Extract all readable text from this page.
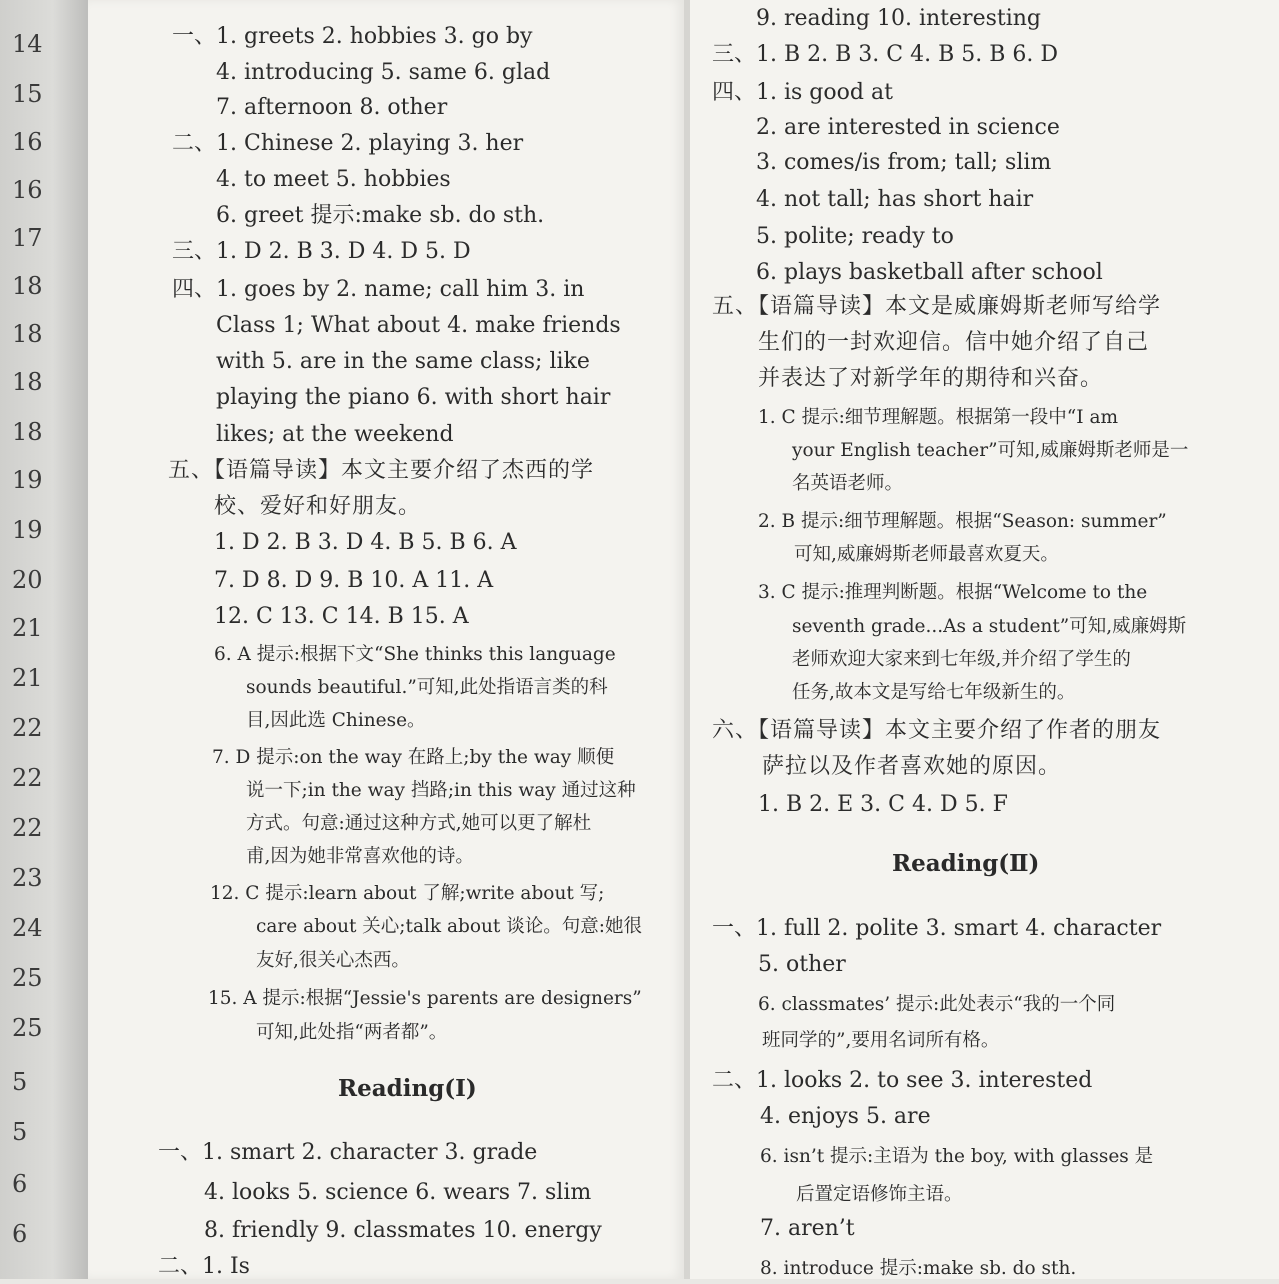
14
15
16
16
17
18
18
18
18
19
19
20
21
21
22
22
22
23
24
25
25
5
5
6
6
一、1. greets 2. hobbies 3. go by
4. introducing 5. same 6. glad
7. afternoon 8. other
二、1. Chinese 2. playing 3. her
4. to meet 5. hobbies
6. greet 提示:make sb. do sth.
三、1. D 2. B 3. D 4. D 5. D
四、1. goes by 2. name; call him 3. in
Class 1; What about 4. make friends
with 5. are in the same class; like
playing the piano 6. with short hair
likes; at the weekend
五、【语篇导读】本文主要介绍了杰西的学
校、爱好和好朋友。
1. D 2. B 3. D 4. B 5. B 6. A
7. D 8. D 9. B 10. A 11. A
12. C 13. C 14. B 15. A
6. A 提示:根据下文“She thinks this language
sounds beautiful.”可知,此处指语言类的科
目,因此选 Chinese。
7. D 提示:on the way 在路上;by the way 顺便
说一下;in the way 挡路;in this way 通过这种
方式。句意:通过这种方式,她可以更了解杜
甫,因为她非常喜欢他的诗。
12. C 提示:learn about 了解;write about 写;
care about 关心;talk about 谈论。句意:她很
友好,很关心杰西。
15. A 提示:根据“Jessie's parents are designers”
可知,此处指“两者都”。
一、1. smart 2. character 3. grade
4. looks 5. science 6. wears 7. slim
8. friendly 9. classmates 10. energy
二、1. Is
Reading(Ⅰ)
9. reading 10. interesting
三、1. B 2. B 3. C 4. B 5. B 6. D
四、1. is good at
2. are interested in science
3. comes/is from; tall; slim
4. not tall; has short hair
5. polite; ready to
6. plays basketball after school
五、【语篇导读】本文是威廉姆斯老师写给学
生们的一封欢迎信。信中她介绍了自己
并表达了对新学年的期待和兴奋。
1. C 提示:细节理解题。根据第一段中“I am
your English teacher”可知,威廉姆斯老师是一
名英语老师。
2. B 提示:细节理解题。根据“Season: summer”
可知,威廉姆斯老师最喜欢夏天。
3. C 提示:推理判断题。根据“Welcome to the
seventh grade...As a student”可知,威廉姆斯
老师欢迎大家来到七年级,并介绍了学生的
任务,故本文是写给七年级新生的。
六、【语篇导读】本文主要介绍了作者的朋友
萨拉以及作者喜欢她的原因。
1. B 2. E 3. C 4. D 5. F
一、1. full 2. polite 3. smart 4. character
5. other
6. classmates’ 提示:此处表示“我的一个同
班同学的”,要用名词所有格。
二、1. looks 2. to see 3. interested
4. enjoys 5. are
6. isn’t 提示:主语为 the boy, with glasses 是
后置定语修饰主语。
7. aren’t
8. introduce 提示:make sb. do sth.
Reading(Ⅱ)
